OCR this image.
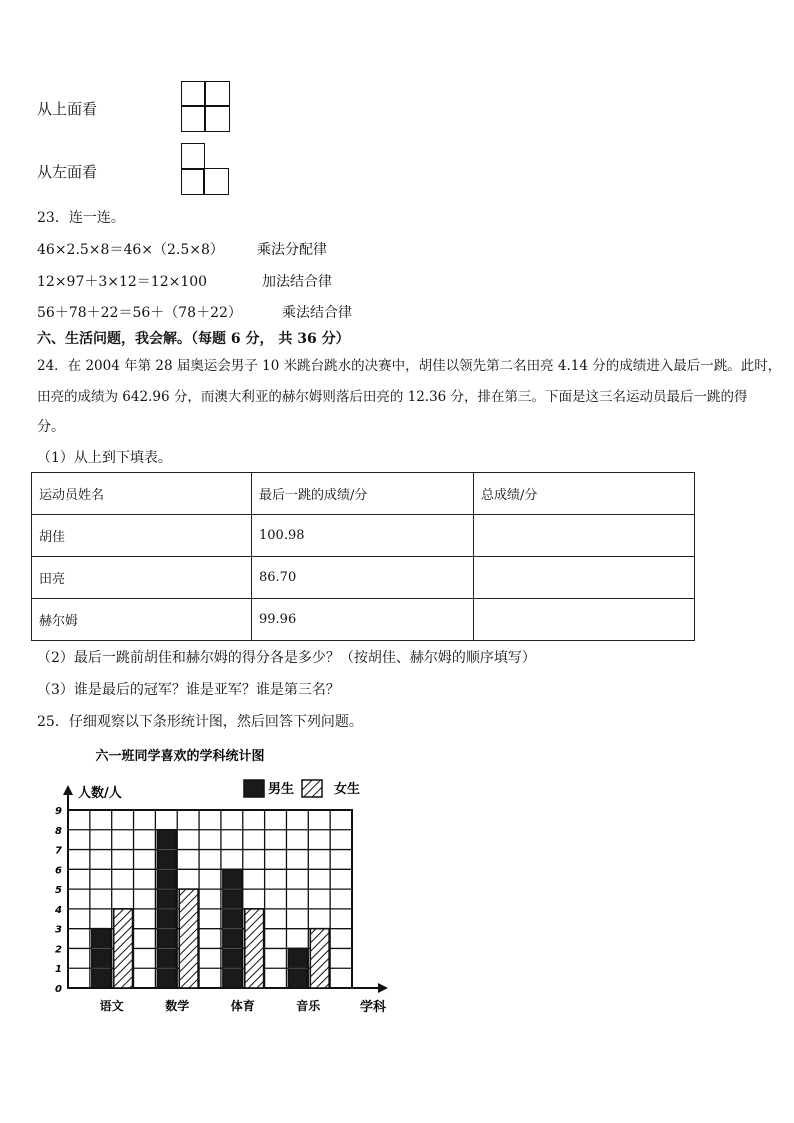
从上面看
从左面看
23．连一连。
46×2.5×8＝46×（2.5×8） 乘法分配律
12×97＋3×12＝12×100	加法结合律
56＋78＋22＝56＋（78＋22）	乘法结合律
六、生活问题，我会解。（每题 6 分， 共 36 分）
24．在 2004 年第 28 届奥运会男子 10 米跳台跳水的决赛中，胡佳以领先第二名田亮 4.14 分的成绩进入最后一跳。此时，
田亮的成绩为 642.96 分，而澳大利亚的赫尔姆则落后田亮的 12.36 分，排在第三。下面是这三名运动员最后一跳的得
分。
（1）从上到下填表。
运动员姓名	最后一跳的成绩/分	总成绩/分
胡佳	100.98	
田亮	86.70	
赫尔姆	99.96	
（2）最后一跳前胡佳和赫尔姆的得分各是多少？（按胡佳、赫尔姆的顺序填写）
（3）谁是最后的冠军？谁是亚军？谁是第三名？
25．仔细观察以下条形统计图，然后回答下列问题。
0
1
2
3
4
5
6
7
8
9
语文	数学	体育	音乐
六一班同学喜欢的学科统计图
人数/人
学科
男生	女生
